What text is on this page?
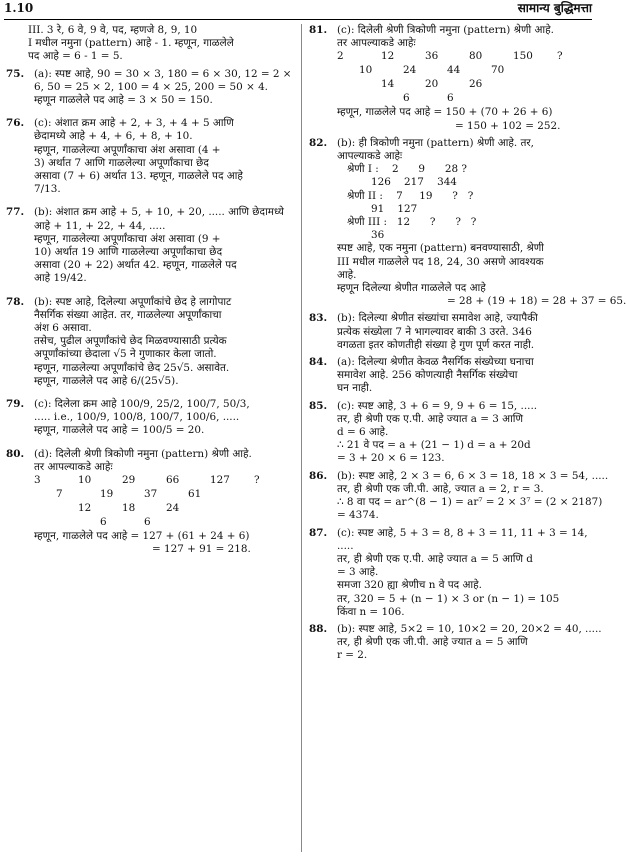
1.10	सामान्य बुद्धिमत्ता
III. 3 रे, 6 वे, 9 वे, पद, म्हणजे 8, 9, 10
I मधील नमुना (pattern) आहे - 1. म्हणून, गाळलेले
पद आहे = 6 - 1 = 5.
75. (a): स्पष्ट आहे, 90 = 30 × 3, 180 = 6 × 30, 12 = 2 ×
6, 50 = 25 × 2, 100 = 4 × 25, 200 = 50 × 4.
म्हणून गाळलेले पद आहे = 3 × 50 = 150.
76. (c): अंशात क्रम आहे + 2, + 3, + 4 + 5 आणि
छेदामध्ये आहे + 4, + 6, + 8, + 10.
म्हणून, गाळलेल्या अपूर्णांकाचा अंश असावा (4 +
3) अर्थात 7 आणि गाळलेल्या अपूर्णांकाचा छेद
असावा (7 + 6) अर्थात 13. म्हणून, गाळलेले पद आहे
7/13.
77. (b): अंशात क्रम आहे + 5, + 10, + 20, ..... आणि छेदामध्ये
आहे + 11, + 22, + 44, .....
म्हणून, गाळलेल्या अपूर्णांकाचा अंश असावा (9 +
10) अर्थात 19 आणि गाळलेल्या अपूर्णांकाचा छेद
असावा (20 + 22) अर्थात 42. म्हणून, गाळलेले पद
आहे 19/42.
78. (b): स्पष्ट आहे, दिलेल्या अपूर्णांकांचे छेद हे लागोपाट
नैसर्गिक संख्या आहेत. तर, गाळलेल्या अपूर्णांकाचा
अंश 6 असावा.
तसेच, पुढील अपूर्णांकांचे छेद मिळवण्यासाठी प्रत्येक
अपूर्णांकांच्या छेदाला √5 ने गुणाकार केला जातो.
म्हणून, गाळलेल्या अपूर्णांकांचे छेद 25√5. असावेत.
म्हणून, गाळलेले पद आहे 6/(25√5).
79. (c): दिलेला क्रम आहे 100/9, 25/2, 100/7, 50/3,
..... i.e., 100/9, 100/8, 100/7, 100/6, .....
म्हणून, गाळलेले पद आहे = 100/5 = 20.
80. (d): दिलेली श्रेणी त्रिकोणी नमुना (pattern) श्रेणी आहे.
तर आपल्याकडे आहेः
3	10	29	66	127 ?
7	19	37	61
12	18	24
6	6
म्हणून, गाळलेले पद आहे = 127 + (61 + 24 + 6)
= 127 + 91 = 218.
81. (c): दिलेली श्रेणी त्रिकोणी नमुना (pattern) श्रेणी आहे.
तर आपल्याकडे आहेः
2	12	36	80	150 ?
10	24	44	70
14	20	26
6	6
म्हणून, गाळलेले पद आहे = 150 + (70 + 26 + 6)
= 150 + 102 = 252.
82. (b): ही त्रिकोणी नमुना (pattern) श्रेणी आहे. तर,
आपल्याकडे आहेः
श्रेणी I :    2      9      28 ?
126    217    344
श्रेणी II :    7     19      ?   ?
91    127
श्रेणी III :   12      ?      ?   ?
36
स्पष्ट आहे, एक नमुना (pattern) बनवण्यासाठी, श्रेणी
III मधील गाळलेले पद 18, 24, 30 असणे आवश्यक
आहे.
म्हणून दिलेल्या श्रेणीत गाळलेले पद आहे
= 28 + (19 + 18) = 28 + 37 = 65.
83. (b): दिलेल्या श्रेणीत संख्यांचा समावेश आहे, ज्यापैकी
प्रत्येक संख्येला 7 ने भागल्यावर बाकी 3 उरते. 346
वगळता इतर कोणतीही संख्या हे गुण पूर्ण करत नाही.
84. (a): दिलेल्या श्रेणीत केवळ नैसर्गिक संख्येच्या घनाचा
समावेश आहे. 256 कोणत्याही नैसर्गिक संख्येचा
घन नाही.
85. (c): स्पष्ट आहे, 3 + 6 = 9, 9 + 6 = 15, .....
तर, ही श्रेणी एक ए.पी. आहे ज्यात a = 3 आणि
d = 6 आहे.
∴ 21 वे पद = a + (21 − 1) d = a + 20d
= 3 + 20 × 6 = 123.
86. (b): स्पष्ट आहे, 2 × 3 = 6, 6 × 3 = 18, 18 × 3 = 54, .....
तर, ही श्रेणी एक जी.पी. आहे, ज्यात a = 2, r = 3.
∴ 8 वा पद = ar^(8 − 1) = ar⁷ = 2 × 3⁷ = (2 × 2187)
= 4374.
87. (c): स्पष्ट आहे, 5 + 3 = 8, 8 + 3 = 11, 11 + 3 = 14,
.....
तर, ही श्रेणी एक ए.पी. आहे ज्यात a = 5 आणि d
= 3 आहे.
समजा 320 ह्या श्रेणीच n वे पद आहे.
तर, 320 = 5 + (n − 1) × 3 or (n − 1) = 105
किंवा n = 106.
88. (b): स्पष्ट आहे, 5×2 = 10, 10×2 = 20, 20×2 = 40, .....
तर, ही श्रेणी एक जी.पी. आहे ज्यात a = 5 आणि
r = 2.
